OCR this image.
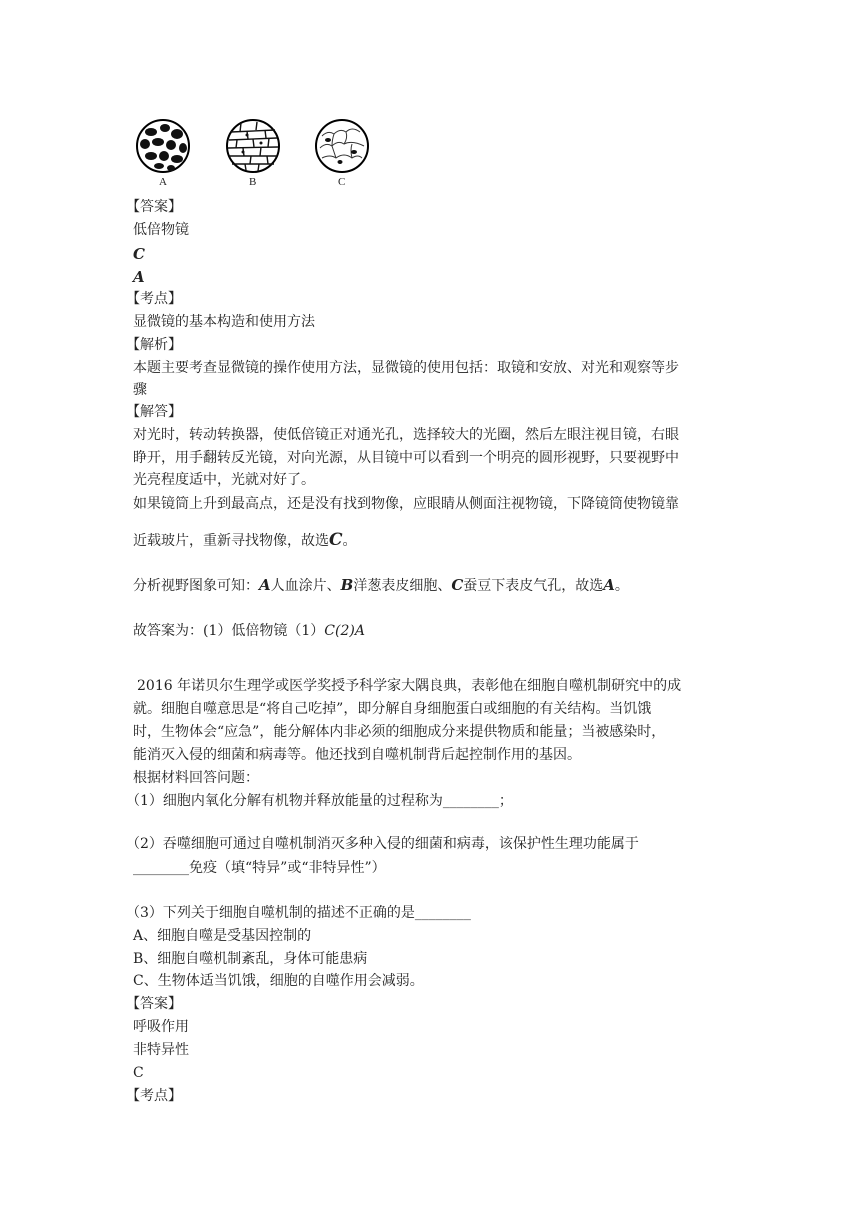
A	B	C
【答案】
低倍物镜
C
A
【考点】
显微镜的基本构造和使用方法
【解析】
本题主要考查显微镜的操作使用方法，显微镜的使用包括：取镜和安放、对光和观察等步
骤
【解答】
对光时，转动转换器，使低倍镜正对通光孔，选择较大的光圈，然后左眼注视目镜，右眼
睁开，用手翻转反光镜，对向光源，从目镜中可以看到一个明亮的圆形视野，只要视野中
光亮程度适中，光就对好了。
如果镜筒上升到最高点，还是没有找到物像，应眼睛从侧面注视物镜，下降镜筒使物镜靠
近载玻片，重新寻找物像，故选C。
分析视野图象可知：A人血涂片、B洋葱表皮细胞、C蚕豆下表皮气孔，故选A。
故答案为：(1）低倍物镜（1）C(2)A
2016 年诺贝尔生理学或医学奖授予科学家大隅良典，表彰他在细胞自噬机制研究中的成
就。细胞自噬意思是“将自己吃掉”，即分解自身细胞蛋白或细胞的有关结构。当饥饿
时，生物体会“应急”，能分解体内非必须的细胞成分来提供物质和能量；当被感染时，
能消灭入侵的细菌和病毒等。他还找到自噬机制背后起控制作用的基因。
根据材料回答问题：
（1）细胞内氧化分解有机物并释放能量的过程称为________；
（2）吞噬细胞可通过自噬机制消灭多种入侵的细菌和病毒，该保护性生理功能属于
________免疫（填“特异”或“非特异性”）
（3）下列关于细胞自噬机制的描述不正确的是________
A、细胞自噬是受基因控制的
B、细胞自噬机制紊乱，身体可能患病
C、生物体适当饥饿，细胞的自噬作用会减弱。
【答案】
呼吸作用
非特异性
C
【考点】
